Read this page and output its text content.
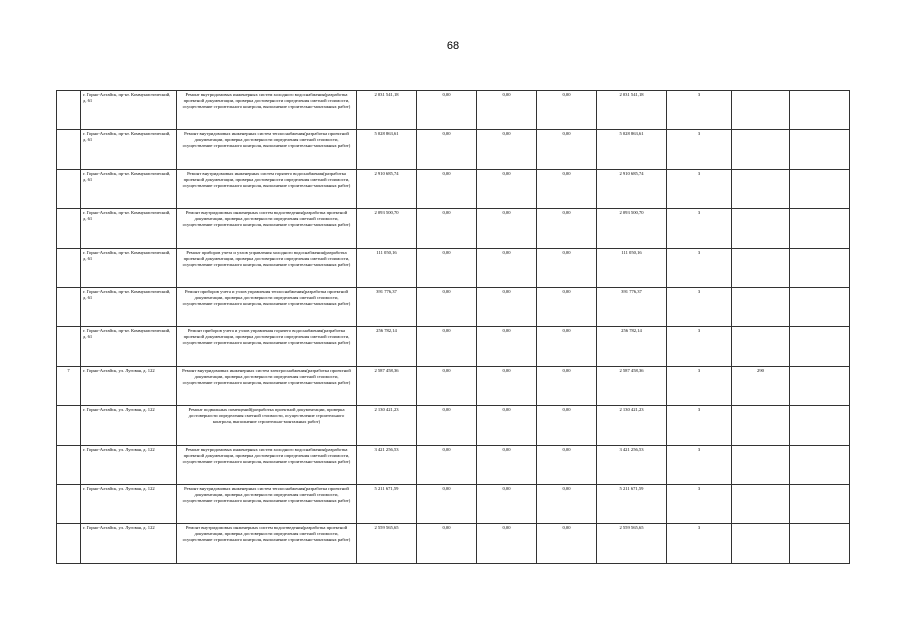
68
	г. Горно-Алтайск, пр-кт. Коммунистический, д. 61	Ремонт внутридомовых инженерных систем холодного водоснабжения(разработка проектной документации, проверка достоверности определения сметной стоимости, осуществление строительного контроля, выполнение строительно-монтажных работ)	2 031 541,18	0,00	0,00	0,00	2 031 541,18	3		
	г. Горно-Алтайск, пр-кт. Коммунистический, д. 61	Ремонт внутридомовых инженерных систем теплоснабжения(разработка проектной документации, проверка достоверности определения сметной стоимости, осуществление строительного контроля, выполнение строительно-монтажных работ)	5 028 863,61	0,00	0,00	0,00	5 028 863,61	3		
	г. Горно-Алтайск, пр-кт. Коммунистический, д. 61	Ремонт внутридомовых инженерных систем горячего водоснабжения(разработка проектной документации, проверка достоверности определения сметной стоимости, осуществление строительного контроля, выполнение строительно-монтажных работ)	2 910 685,74	0,00	0,00	0,00	2 910 685,74	3		
	г. Горно-Алтайск, пр-кт. Коммунистический, д. 61	Ремонт внутридомовых инженерных систем водоотведения(разработка проектной документации, проверка достоверности определения сметной стоимости, осуществление строительного контроля, выполнение строительно-монтажных работ)	2 093 500,70	0,00	0,00	0,00	2 093 500,70	3		
	г. Горно-Алтайск, пр-кт. Коммунистический, д. 61	Ремонт приборов учета и узлов управления холодного водоснабжения(разработка проектной документации, проверка достоверности определения сметной стоимости, осуществление строительного контроля, выполнение строительно-монтажных работ)	111 050,16	0,00	0,00	0,00	111 050,16	3		
	г. Горно-Алтайск, пр-кт. Коммунистический, д. 61	Ремонт приборов учета и узлов управления теплоснабжения(разработка проектной документации, проверка достоверности определения сметной стоимости, осуществление строительного контроля, выполнение строительно-монтажных работ)	391 776,37	0,00	0,00	0,00	391 776,37	3		
	г. Горно-Алтайск, пр-кт. Коммунистический, д. 61	Ремонт приборов учета и узлов управления горячего водоснабжения(разработка проектной документации, проверка достоверности определения сметной стоимости, осуществление строительного контроля, выполнение строительно-монтажных работ)	256 782,14	0,00	0,00	0,00	256 782,14	3		
7	г. Горно-Алтайск, ул. Луговая, д. 122	Ремонт внутридомовых инженерных систем электроснабжения(разработка проектной документации, проверка достоверности определения сметной стоимости, осуществление строительного контроля, выполнение строительно-монтажных работ)	2 587 458,36	0,00	0,00	0,00	2 587 458,36	3	290	
	г. Горно-Алтайск, ул. Луговая, д. 122	Ремонт подвальных помещений(разработка проектной документации, проверка достоверности определения сметной стоимости, осуществление строительного контроля, выполнение строительно-монтажных работ)	2 130 421,23	0,00	0,00	0,00	2 130 421,23	3		
	г. Горно-Алтайск, ул. Луговая, д. 122	Ремонт внутридомовых инженерных систем холодного водоснабжения(разработка проектной документации, проверка достоверности определения сметной стоимости, осуществление строительного контроля, выполнение строительно-монтажных работ)	3 421 256,53	0,00	0,00	0,00	3 421 256,53	3		
	г. Горно-Алтайск, ул. Луговая, д. 122	Ремонт внутридомовых инженерных систем теплоснабжения(разработка проектной документации, проверка достоверности определения сметной стоимости, осуществление строительного контроля, выполнение строительно-монтажных работ)	5 211 671,59	0,00	0,00	0,00	5 211 671,59	3		
	г. Горно-Алтайск, ул. Луговая, д. 122	Ремонт внутридомовых инженерных систем водоотведения(разработка проектной документации, проверка достоверности определения сметной стоимости, осуществление строительного контроля, выполнение строительно-монтажных работ)	2 559 565,65	0,00	0,00	0,00	2 559 565,65	3		
